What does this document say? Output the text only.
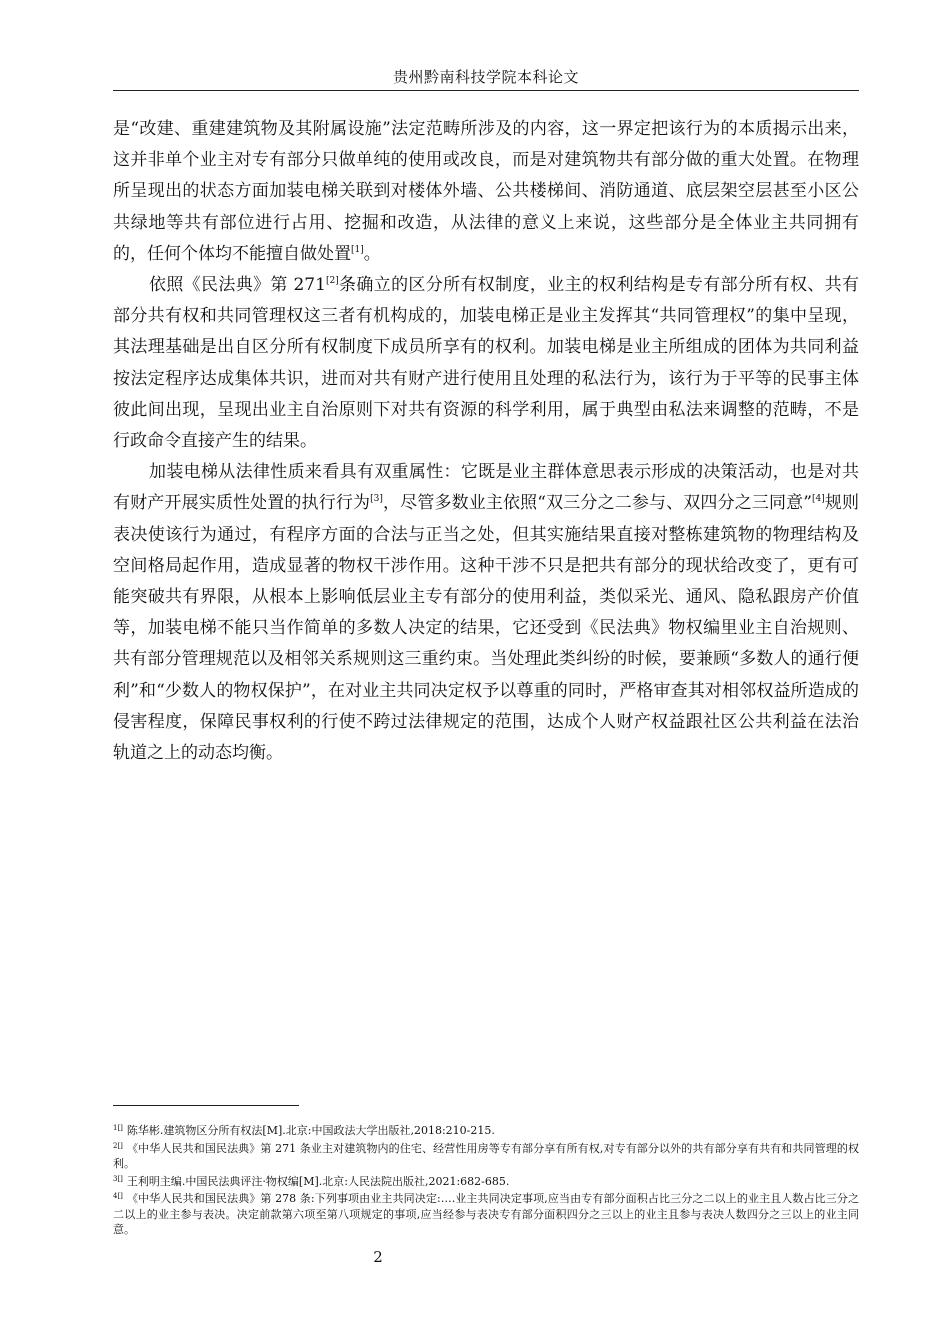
贵州黔南科技学院本科论文

是“改建、重建建筑物及其附属设施”法定范畴所涉及的内容，这一界定把该行为的本质揭示出来，这并非单个业主对专有部分只做单纯的使用或改良，而是对建筑物共有部分做的重大处置。在物理所呈现出的状态方面加装电梯关联到对楼体外墙、公共楼梯间、消防通道、底层架空层甚至小区公共绿地等共有部位进行占用、挖掘和改造，从法律的意义上来说，这些部分是全体业主共同拥有的，任何个体均不能擅自做处置[1]。

依照《民法典》第 271[2]条确立的区分所有权制度，业主的权利结构是专有部分所有权、共有部分共有权和共同管理权这三者有机构成的，加装电梯正是业主发挥其“共同管理权”的集中呈现，其法理基础是出自区分所有权制度下成员所享有的权利。加装电梯是业主所组成的团体为共同利益按法定程序达成集体共识，进而对共有财产进行使用且处理的私法行为，该行为于平等的民事主体彼此间出现，呈现出业主自治原则下对共有资源的科学利用，属于典型由私法来调整的范畴，不是行政命令直接产生的结果。

加装电梯从法律性质来看具有双重属性：它既是业主群体意思表示形成的决策活动，也是对共有财产开展实质性处置的执行行为[3]，尽管多数业主依照“双三分之二参与、双四分之三同意”[4]规则表决使该行为通过，有程序方面的合法与正当之处，但其实施结果直接对整栋建筑物的物理结构及空间格局起作用，造成显著的物权干涉作用。这种干涉不只是把共有部分的现状给改变了，更有可能突破共有界限，从根本上影响低层业主专有部分的使用利益，类似采光、通风、隐私跟房产价值等，加装电梯不能只当作简单的多数人决定的结果，它还受到《民法典》物权编里业主自治规则、共有部分管理规范以及相邻关系规则这三重约束。当处理此类纠纷的时候，要兼顾“多数人的通行便利”和“少数人的物权保护”，在对业主共同决定权予以尊重的同时，严格审查其对相邻权益所造成的侵害程度，保障民事权利的行使不跨过法律规定的范围，达成个人财产权益跟社区公共利益在法治轨道之上的动态均衡。

$^{1[]}$ 陈华彬.建筑物区分所有权法[M].北京:中国政法大学出版社,2018:210-215.

$^{2[]}$ 《中华人民共和国民法典》第 271 条业主对建筑物内的住宅、经营性用房等专有部分享有所有权,对专有部分以外的共有部分享有共有和共同管理的权利。

$^{3[]}$ 王利明主编.中国民法典评注·物权编[M].北京:人民法院出版社,2021:682-685.

$^{4[]}$ 《中华人民共和国民法典》第 278 条:下列事项由业主共同决定:….业主共同决定事项,应当由专有部分面积占比三分之二以上的业主且人数占比三分之二以上的业主参与表决。决定前款第六项至第八项规定的事项,应当经参与表决专有部分面积四分之三以上的业主且参与表决人数四分之三以上的业主同意。

2
